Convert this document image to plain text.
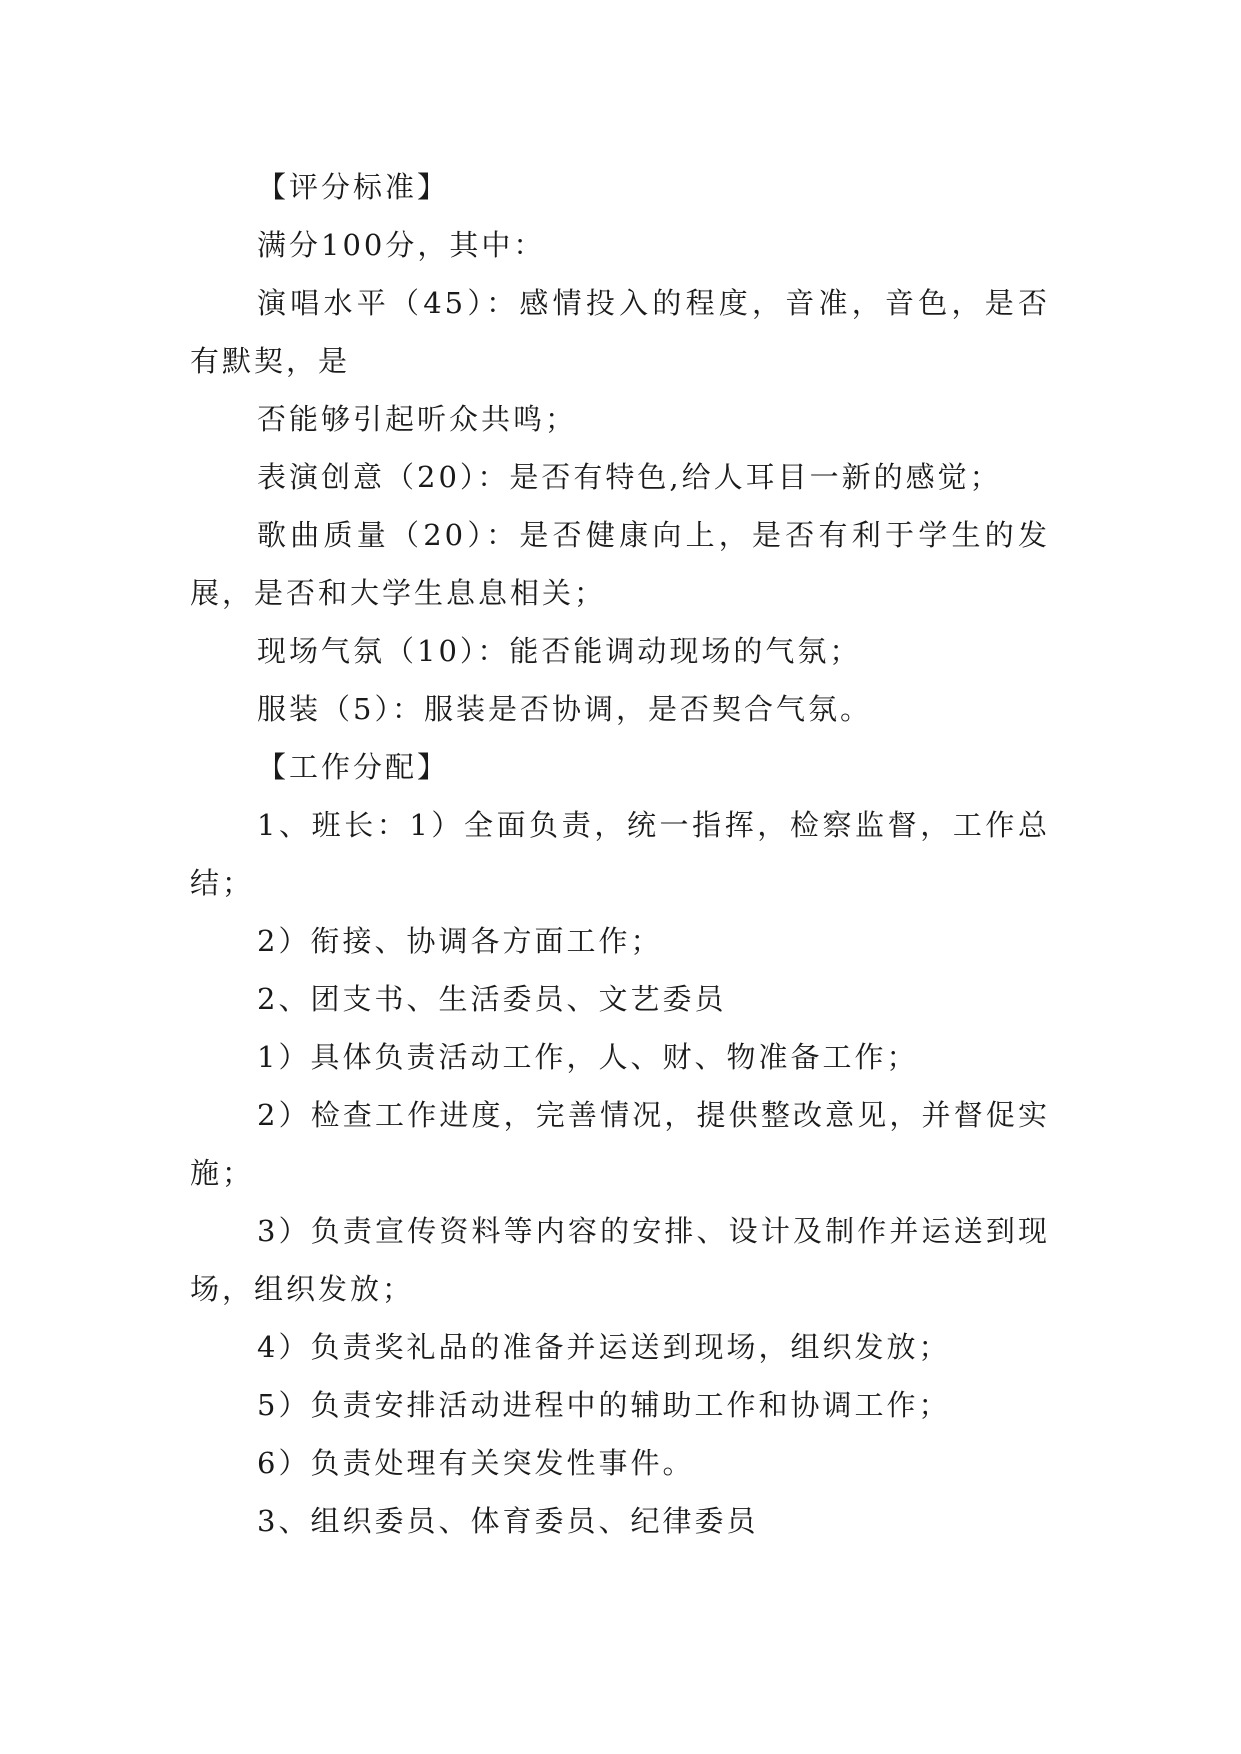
【评分标准】

满分100分，其中：

演唱水平（45）：感情投入的程度，音准，音色，是否有默契，是

否能够引起听众共鸣；

表演创意（20）：是否有特色,给人耳目一新的感觉；

歌曲质量（20）：是否健康向上，是否有利于学生的发展，是否和大学生息息相关；

现场气氛（10）：能否能调动现场的气氛；

服装（5）：服装是否协调，是否契合气氛。

【工作分配】

1、班长：1）全面负责，统一指挥，检察监督，工作总结；

2）衔接、协调各方面工作；

2、团支书、生活委员、文艺委员

1）具体负责活动工作，人、财、物准备工作；

2）检查工作进度，完善情况，提供整改意见，并督促实施；

3）负责宣传资料等内容的安排、设计及制作并运送到现场，组织发放；

4）负责奖礼品的准备并运送到现场，组织发放；

5）负责安排活动进程中的辅助工作和协调工作；

6）负责处理有关突发性事件。

3、组织委员、体育委员、纪律委员
